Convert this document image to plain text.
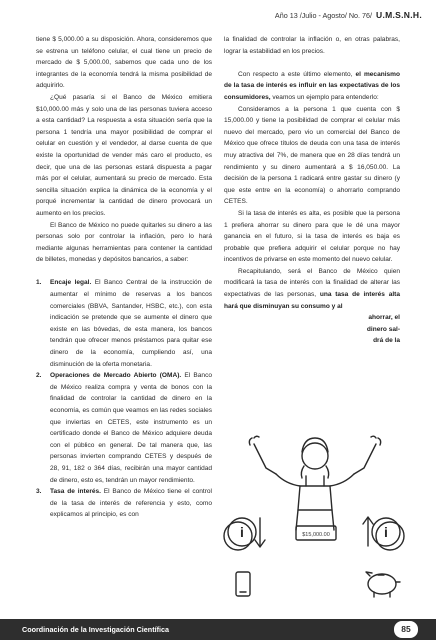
Año 13 /Julio - Agosto/ No. 76/ U.M.S.N.H.

tiene $ 5,000.00 a su disposición. Ahora, consideremos que se estrena un teléfono celular, el cual tiene un precio de mercado de $ 5,000.00, sabemos que cada uno de los integrantes de la economía tendrá la misma posibilidad de adquirirlo.

¿Qué pasaría si el Banco de México emitiera $10,000.00 más y solo una de las personas tuviera acceso a esta cantidad? La respuesta a esta situación sería que la persona 1 tendría una mayor posibilidad de comprar el celular en cuestión y el vendedor, al darse cuenta de que existe la oportunidad de vender más caro el producto, es decir, que una de las personas estará dispuesta a pagar más por el celular, aumentará su precio de mercado. Esta sencilla situación explica la dinámica de la economía y el porqué incrementar la cantidad de dinero provocará un aumento en los precios.

El Banco de México no puede quitarles su dinero a las personas solo por controlar la inflación, pero lo hará mediante algunas herramientas para contener la cantidad de billetes, monedas y depósitos bancarios, a saber:

1. Encaje legal. El Banco Central de la instrucción de aumentar el mínimo de reservas a los bancos comerciales (BBVA, Santander, HSBC, etc.), con esta indicación se pretende que se aumente el dinero que existe en las bóvedas, de esta manera, los bancos tendrán que ofrecer menos préstamos para quitar ese dinero de la economía, cumpliendo así, una disminución de la oferta monetaria.
2. Operaciones de Mercado Abierto (OMA). El Banco de México realiza compra y venta de bonos con la finalidad de controlar la cantidad de dinero en la economía, es común que veamos en las redes sociales que inviertas en CETES, este instrumento es un certificado donde el Banco de México adquiere deuda con el público en general. De tal manera que, las personas invierten comprando CETES y después de 28, 91, 182 o 364 días, recibirán una mayor cantidad de dinero, esto es, tendrán un mayor rendimiento.
3. Tasa de interés. El Banco de México tiene el control de la tasa de interés de referencia y esto, como explicamos al principio, es con

la finalidad de controlar la inflación o, en otras palabras, lograr la estabilidad en los precios.

Con respecto a este último elemento, el mecanismo de la tasa de interés es influir en las expectativas de los consumidores, veamos un ejemplo para entenderlo:

Consideramos a la persona 1 que cuenta con $ 15,000.00 y tiene la posibilidad de comprar el celular más nuevo del mercado, pero vio un comercial del Banco de México que ofrece títulos de deuda con una tasa de interés muy atractiva del 7%, de manera que en 28 días tendrá un rendimiento y su dinero aumentará a $ 16,050.00. La decisión de la persona 1 radicará entre gastar su dinero (y que este entre en la economía) o ahorrarlo comprando CETES.

Si la tasa de interés es alta, es posible que la persona 1 prefiera ahorrar su dinero para que le dé una mayor ganancia en el futuro, si la tasa de interés es baja es probable que prefiera adquirir el celular porque no hay incentivos de privarse en este momento del nuevo celular.

Recapitulando, será el Banco de México quien modificará la tasa de interés con la finalidad de alterar las expectativas de las personas, una tasa de interés alta hará que disminuyan su consumo y al

ahorrar, el

dinero sal-

drá de la

$15,000.00
i	i
Coordinación de la Investigación Científica	85
